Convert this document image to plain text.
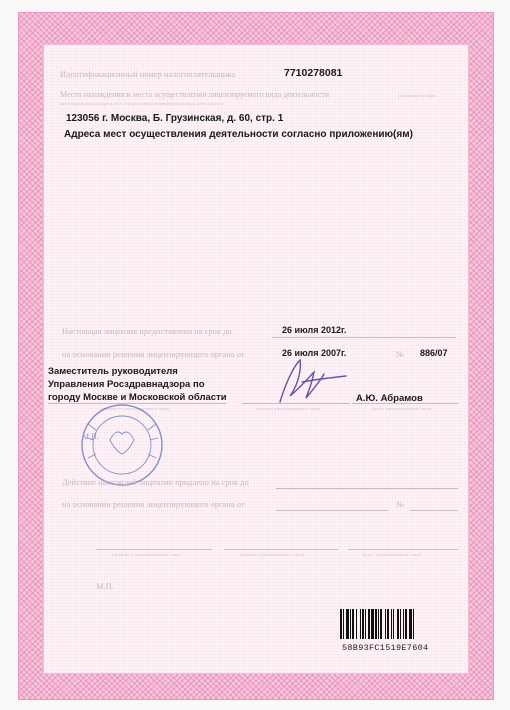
Идентификационный номер налогоплательщика	7710278081
Место нахождения и места осуществления лицензируемого вида деятельности	(указываются адрес
места нахождения и адреса мест осуществления лицензируемого вида деятельности)
123056 г. Москва, Б. Грузинская, д. 60, стр. 1
Адреса мест осуществления деятельности согласно приложению(ям)
Настоящая лицензия предоставлена на срок до	26 июля 2012г.
на основании решения лицензирующего органа от	26 июля 2007г.	№ 886/07
Заместитель руководителя
Управления Росздравнадзора по
городу Москве и Московской области
(должность уполномоченного лица)	(подпись уполномоченного лица)
А.Ю. Абрамов
(ф.и.о. уполномоченного лица)
М.П.
Действие настоящей лицензии продлено на срок до
на основании решения лицензирующего органа от	№
(должность уполномоченного лица)	(подпись уполномоченного лица)	(ф.и.о. уполномоченного лица)
М.П.
58B93FC1519E7604
